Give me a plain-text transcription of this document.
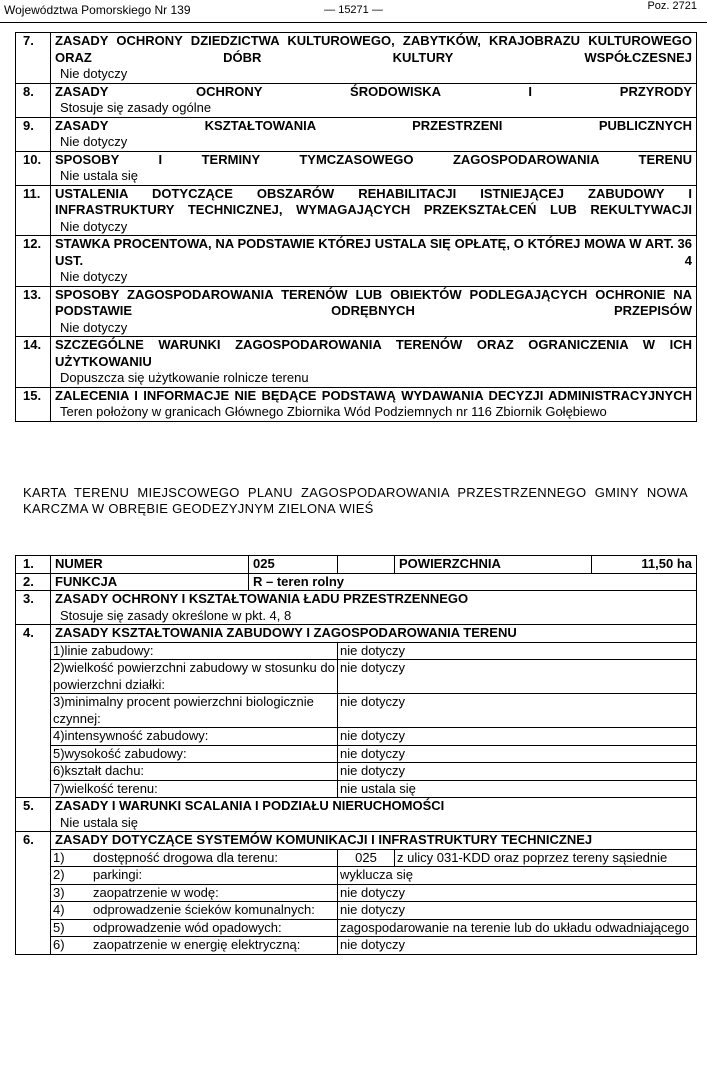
Województwa Pomorskiego Nr 139	— 15271 —	Poz. 2721
7.	ZASADY OCHRONY DZIEDZICTWA KULTUROWEGO, ZABYTKÓW, KRAJOBRAZU KULTUROWEGO ORAZ DÓBR KULTURY WSPÓŁCZESNEJ
Nie dotyczy

8.	ZASADY OCHRONY ŚRODOWISKA I PRZYRODY
Stosuje się zasady ogólne

9.	ZASADY KSZTAŁTOWANIA PRZESTRZENI PUBLICZNYCH
Nie dotyczy

10.	SPOSOBY I TERMINY TYMCZASOWEGO ZAGOSPODAROWANIA TERENU
Nie ustala się

11.	USTALENIA DOTYCZĄCE OBSZARÓW REHABILITACJI ISTNIEJĄCEJ ZABUDOWY I INFRASTRUKTURY TECHNICZNEJ, WYMAGAJĄCYCH PRZEKSZTAŁCEŃ LUB REKULTYWACJI
Nie dotyczy

12.	STAWKA PROCENTOWA, NA PODSTAWIE KTÓREJ USTALA SIĘ OPŁATĘ, O KTÓREJ MOWA W ART. 36 UST. 4
Nie dotyczy

13.	SPOSOBY ZAGOSPODAROWANIA TERENÓW LUB OBIEKTÓW PODLEGAJĄCYCH OCHRONIE NA PODSTAWIE ODRĘBNYCH PRZEPISÓW
Nie dotyczy

14.	SZCZEGÓLNE WARUNKI ZAGOSPODAROWANIA TERENÓW ORAZ OGRANICZENIA W ICH UŻYTKOWANIU
Dopuszcza się użytkowanie rolnicze terenu

15.	ZALECENIA I INFORMACJE NIE BĘDĄCE PODSTAWĄ WYDAWANIA DECYZJI ADMINISTRACYJNYCH
Teren położony w granicach Głównego Zbiornika Wód Podziemnych nr 116 Zbiornik Gołębiewo
KARTA TERENU MIEJSCOWEGO PLANU ZAGOSPODAROWANIA PRZESTRZENNEGO GMINY NOWA KARCZMA W OBRĘBIE GEODEZYJNYM ZIELONA WIEŚ
1.	NUMER	025		POWIERZCHNIA	11,50 ha
2.	FUNKCJA	R – teren rolny			
3.	ZASADY OCHRONY I KSZTAŁTOWANIA ŁADU PRZESTRZENNEGO
Stosuje się zasady określone w pkt. 4, 8				

4.	ZASADY KSZTAŁTOWANIA ZABUDOWY I ZAGOSPODAROWANIA TERENU				
	1)linie zabudowy:		nie dotyczy		
	2)wielkość powierzchni zabudowy w stosunku do powierzchni działki:		nie dotyczy		
	3)minimalny procent powierzchni biologicznie czynnej:		nie dotyczy		
	4)intensywność zabudowy:		nie dotyczy		
	5)wysokość zabudowy:		nie dotyczy		
	6)kształt dachu:		nie dotyczy		
	7)wielkość terenu:		nie ustala się		
5.	ZASADY I WARUNKI SCALANIA I PODZIAŁU NIERUCHOMOŚCI
Nie ustala się				

6.	ZASADY DOTYCZĄCE SYSTEMÓW KOMUNIKACJI I INFRASTRUKTURY TECHNICZNEJ				
	1) dostępność drogowa dla terenu:		025	z ulicy 031-KDD oraz poprzez tereny sąsiednie	
	2) parkingi:		wyklucza się		
	3) zaopatrzenie w wodę:		nie dotyczy		
	4) odprowadzenie ścieków komunalnych:		nie dotyczy		
	5) odprowadzenie wód opadowych:		zagospodarowanie na terenie lub do układu odwadniającego		
	6) zaopatrzenie w energię elektryczną:		nie dotyczy		
